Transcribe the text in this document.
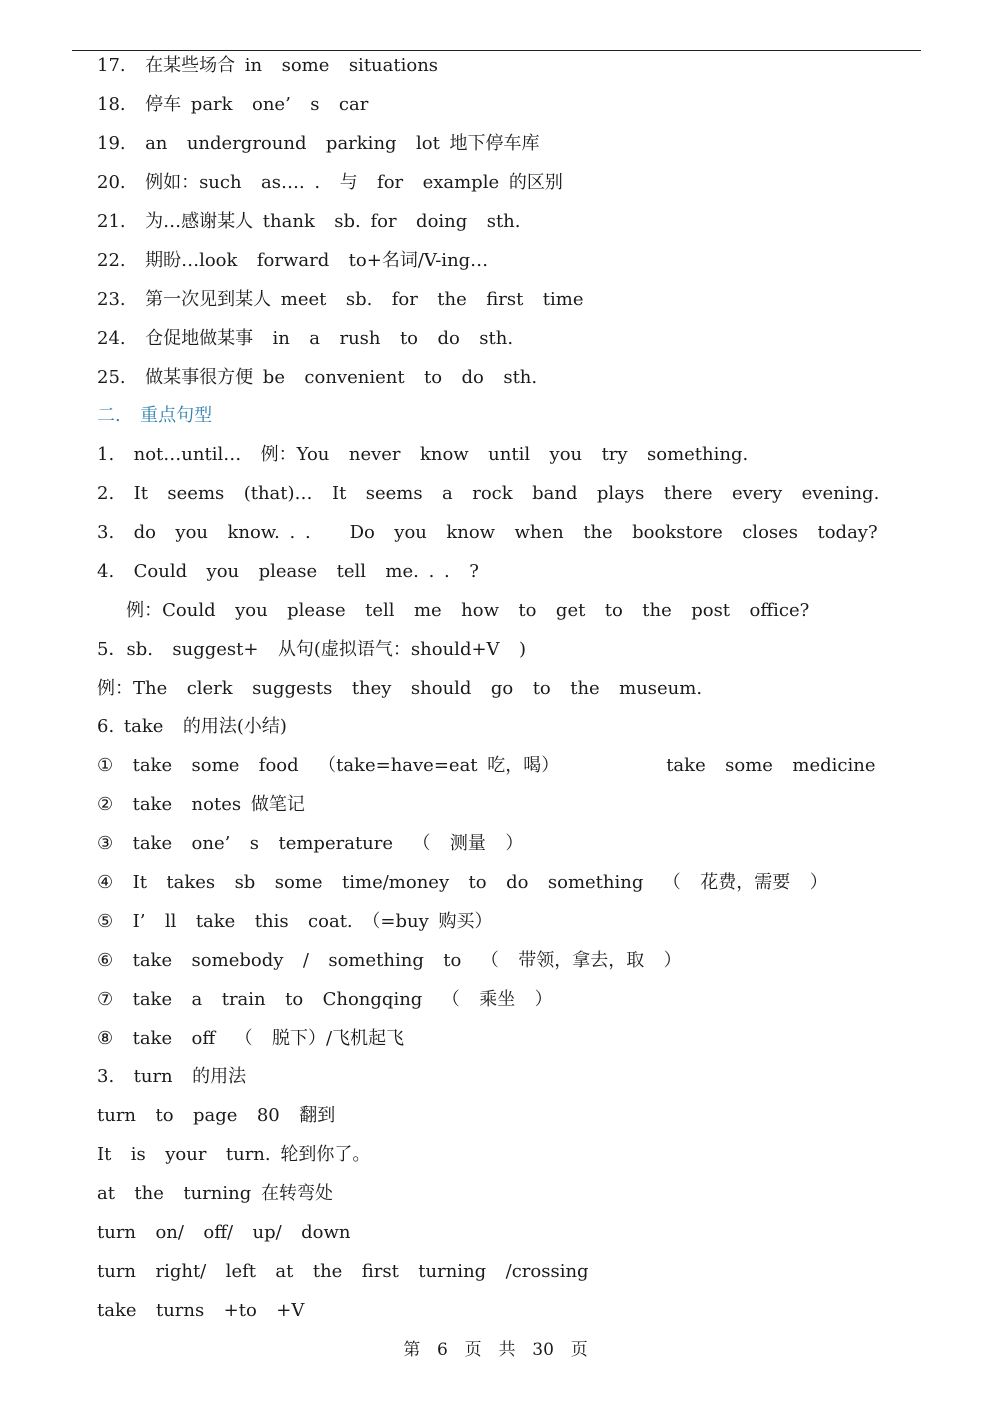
17.  在某些场合 in  some  situations
18.  停车 park  one’  s  car
19.  an  underground  parking  lot 地下停车库
20.  例如：such  as…. .  与  for  example 的区别
21.  为…感谢某人 thank  sb. for  doing  sth.
22.  期盼…look  forward  to+名词/V-ing…
23.  第一次见到某人 meet  sb.  for  the  first  time
24.  仓促地做某事  in  a  rush  to  do  sth.
25.  做某事很方便 be  convenient  to  do  sth.
二.  重点句型
1.  not…until…  例：You  never  know  until  you  try  something.
2.  It  seems  (that)…  It  seems  a  rock  band  plays  there  every  evening.
3.  do  you  know. . .    Do  you  know  when  the  bookstore  closes  today?
4.  Could  you  please  tell  me. . .  ?
例：Could  you  please  tell  me  how  to  get  to  the  post  office?
5．sb.  suggest+  从句(虚拟语气：should+V  )
例：The  clerk  suggests  they  should  go  to  the  museum.
6. take  的用法(小结)
①  take  some  food  （take=have=eat 吃，喝）           take  some  medicine
②  take  notes 做笔记
③  take  one’  s  temperature  （  测量  ）
④  It  takes  sb  some  time/money  to  do  something  （  花费，需要  ）
⑤  I’  ll  take  this  coat. （=buy 购买）
⑥  take  somebody  /  something  to  （  带领，拿去，取  ）
⑦  take  a  train  to  Chongqing  （  乘坐  ）
⑧  take  off  （  脱下）/飞机起飞
3.  turn  的用法
turn  to  page  80  翻到
It  is  your  turn. 轮到你了。
at  the  turning 在转弯处
turn  on/  off/  up/  down
turn  right/  left  at  the  first  turning  /crossing
take  turns  +to  +V
第  6  页  共  30  页
